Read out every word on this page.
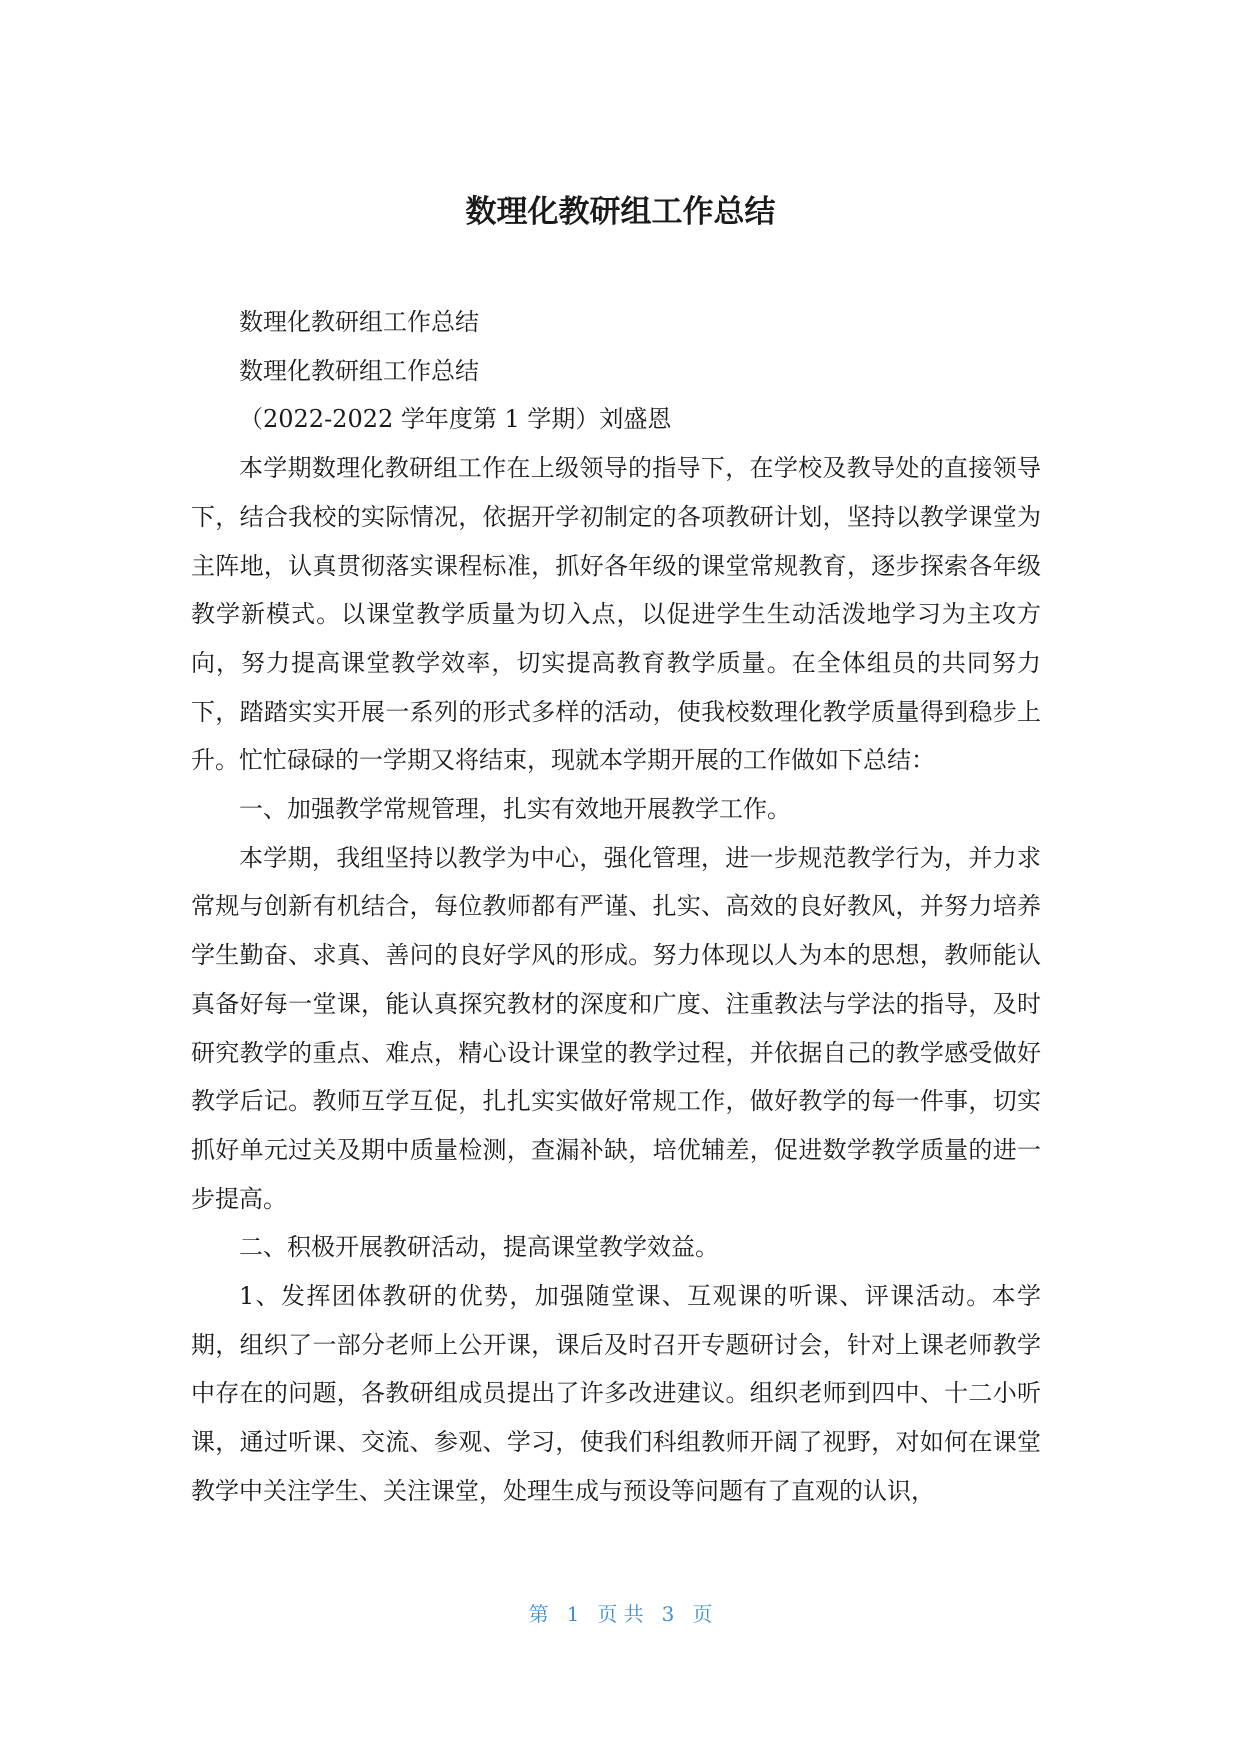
数理化教研组工作总结

数理化教研组工作总结

数理化教研组工作总结

（2022-2022 学年度第 1 学期）刘盛恩

本学期数理化教研组工作在上级领导的指导下，在学校及教导处的直接领导下，结合我校的实际情况，依据开学初制定的各项教研计划，坚持以教学课堂为主阵地，认真贯彻落实课程标准，抓好各年级的课堂常规教育，逐步探索各年级教学新模式。以课堂教学质量为切入点，以促进学生生动活泼地学习为主攻方向，努力提高课堂教学效率，切实提高教育教学质量。在全体组员的共同努力下，踏踏实实开展一系列的形式多样的活动，使我校数理化教学质量得到稳步上升。忙忙碌碌的一学期又将结束，现就本学期开展的工作做如下总结：

一、加强教学常规管理，扎实有效地开展教学工作。

本学期，我组坚持以教学为中心，强化管理，进一步规范教学行为，并力求常规与创新有机结合，每位教师都有严谨、扎实、高效的良好教风，并努力培养学生勤奋、求真、善问的良好学风的形成。努力体现以人为本的思想，教师能认真备好每一堂课，能认真探究教材的深度和广度、注重教法与学法的指导，及时研究教学的重点、难点，精心设计课堂的教学过程，并依据自己的教学感受做好教学后记。教师互学互促，扎扎实实做好常规工作，做好教学的每一件事，切实抓好单元过关及期中质量检测，查漏补缺，培优辅差，促进数学教学质量的进一步提高。

二、积极开展教研活动，提高课堂教学效益。

1、发挥团体教研的优势，加强随堂课、互观课的听课、评课活动。本学期，组织了一部分老师上公开课，课后及时召开专题研讨会，针对上课老师教学中存在的问题，各教研组成员提出了许多改进建议。组织老师到四中、十二小听课，通过听课、交流、参观、学习，使我们科组教师开阔了视野，对如何在课堂教学中关注学生、关注课堂，处理生成与预设等问题有了直观的认识，

第 1 页 共 3 页
